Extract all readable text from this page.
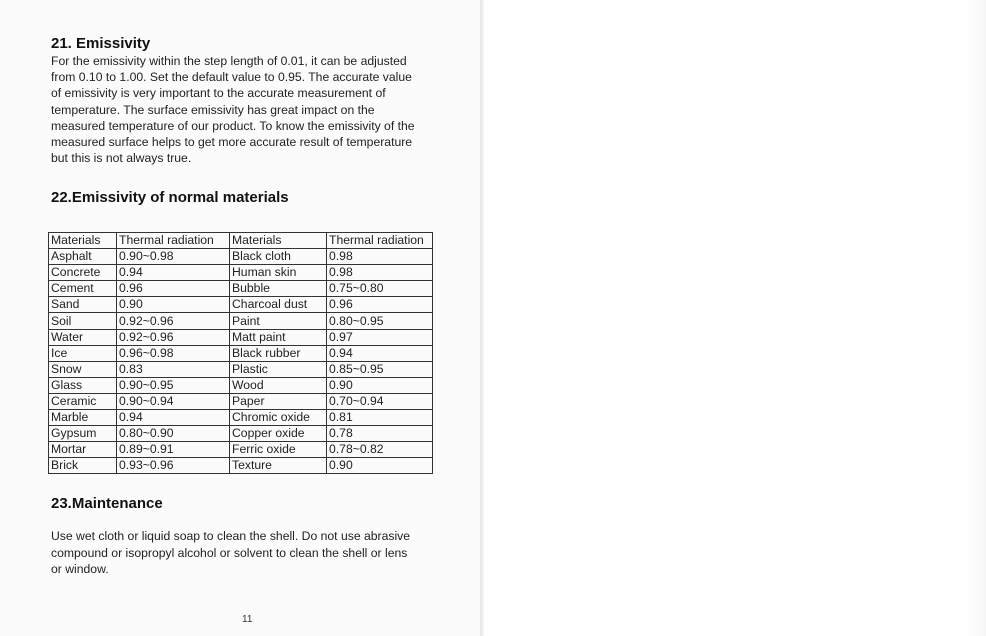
21. Emissivity

For the emissivity within the step length of 0.01, it can be adjusted
from 0.10 to 1.00. Set the default value to 0.95. The accurate value
of emissivity is very important to the accurate measurement of
temperature. The surface emissivity has great impact on the
measured temperature of our product. To know the emissivity of the
measured surface helps to get more accurate result of temperature
but this is not always true.

22.Emissivity of normal materials
Materials	Thermal radiation	Materials	Thermal radiation
Asphalt	0.90~0.98	Black cloth	0.98
Concrete	0.94	Human skin	0.98
Cement	0.96	Bubble	0.75~0.80
Sand	0.90	Charcoal dust	0.96
Soil	0.92~0.96	Paint	0.80~0.95
Water	0.92~0.96	Matt paint	0.97
Ice	0.96~0.98	Black rubber	0.94
Snow	0.83	Plastic	0.85~0.95
Glass	0.90~0.95	Wood	0.90
Ceramic	0.90~0.94	Paper	0.70~0.94
Marble	0.94	Chromic oxide	0.81
Gypsum	0.80~0.90	Copper oxide	0.78
Mortar	0.89~0.91	Ferric oxide	0.78~0.82
Brick	0.93~0.96	Texture	0.90
23.Maintenance

Use wet cloth or liquid soap to clean the shell. Do not use abrasive
compound or isopropyl alcohol or solvent to clean the shell or lens
or window.

11
